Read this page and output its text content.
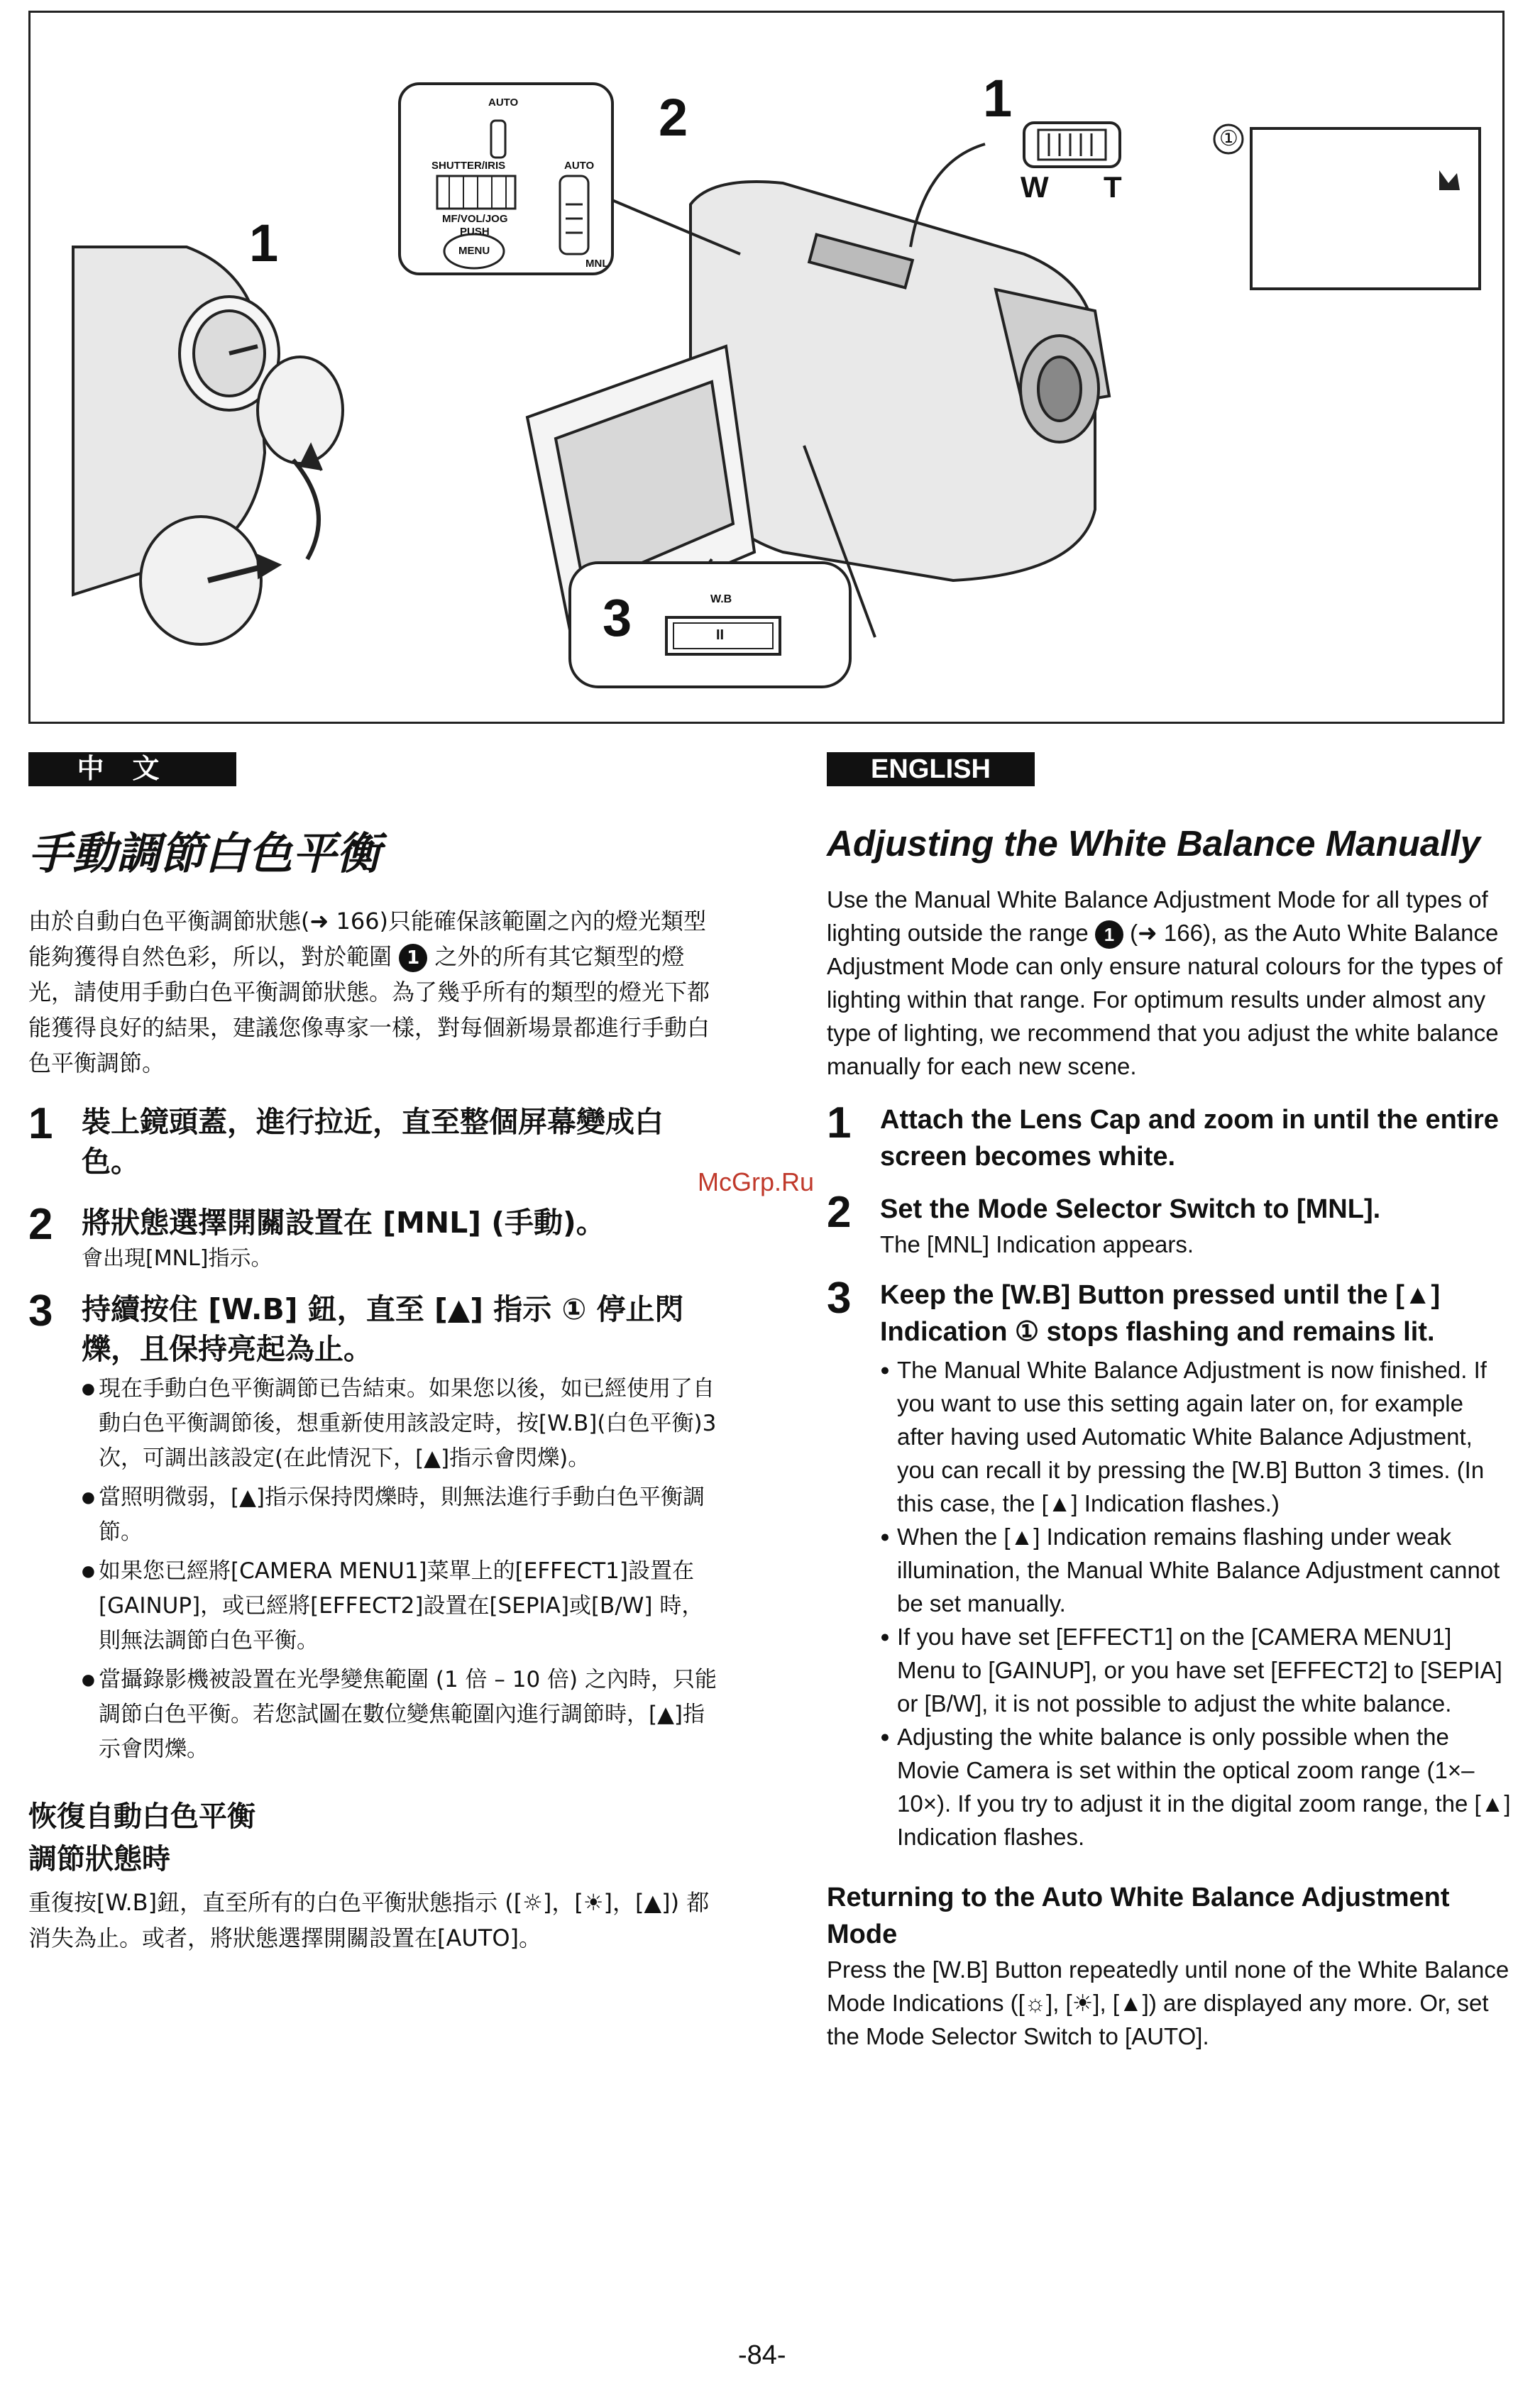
1
2	1
3
AUTO
SHUTTER/IRIS	AUTO
MF/VOL/JOG
PUSH
MENU
MNL
W T
①
W.B
II
中文
手動調節白色平衡
由於自動白色平衡調節狀態(➜ 166)只能確保該範圍之內的燈光類型能夠獲得自然色彩，所以，對於範圍 1 之外的所有其它類型的燈光，請使用手動白色平衡調節狀態。為了幾乎所有的類型的燈光下都能獲得良好的結果，建議您像專家一樣，對每個新場景都進行手動白色平衡調節。
1 裝上鏡頭蓋，進行拉近，直至整個屏幕變成白色。
2 將狀態選擇開關設置在 [MNL] (手動)。
會出現[MNL]指示。
3 持續按住 [W.B] 鈕，直至 [▲] 指示 ① 停止閃爍，且保持亮起為止。
● 現在手動白色平衡調節已告結束。如果您以後，如已經使用了自動白色平衡調節後，想重新使用該設定時，按[W.B](白色平衡)3次，可調出該設定(在此情況下，[▲]指示會閃爍)。
● 當照明微弱，[▲]指示保持閃爍時，則無法進行手動白色平衡調節。
● 如果您已經將[CAMERA MENU1]菜單上的[EFFECT1]設置在[GAINUP]，或已經將[EFFECT2]設置在[SEPIA]或[B/W] 時，則無法調節白色平衡。
● 當攝錄影機被設置在光學變焦範圍 (1 倍 – 10 倍) 之內時，只能調節白色平衡。若您試圖在數位變焦範圍內進行調節時，[▲]指示會閃爍。
恢復自動白色平衡
調節狀態時
重復按[W.B]鈕，直至所有的白色平衡狀態指示 ([☼]，[☀]，[▲]) 都消失為止。或者，將狀態選擇開關設置在[AUTO]。
ENGLISH
Adjusting the White Balance Manually
Use the Manual White Balance Adjustment Mode for all types of lighting outside the range 1 (➜ 166), as the Auto White Balance Adjustment Mode can only ensure natural colours for the types of lighting within that range. For optimum results under almost any type of lighting, we recommend that you adjust the white balance manually for each new scene.
1 Attach the Lens Cap and zoom in until the entire screen becomes white.
2 Set the Mode Selector Switch to [MNL].
The [MNL] Indication appears.
3 Keep the [W.B] Button pressed until the [▲] Indication ① stops flashing and remains lit.
● The Manual White Balance Adjustment is now finished. If you want to use this setting again later on, for example after having used Automatic White Balance Adjustment, you can recall it by pressing the [W.B] Button 3 times. (In this case, the [▲] Indication flashes.)
● When the [▲] Indication remains flashing under weak illumination, the Manual White Balance Adjustment cannot be set manually.
● If you have set [EFFECT1] on the [CAMERA MENU1] Menu to [GAINUP], or you have set [EFFECT2] to [SEPIA] or [B/W], it is not possible to adjust the white balance.
● Adjusting the white balance is only possible when the Movie Camera is set within the optical zoom range (1×–10×). If you try to adjust it in the digital zoom range, the [▲] Indication flashes.
Returning to the Auto White Balance Adjustment Mode
Press the [W.B] Button repeatedly until none of the White Balance Mode Indications ([☼], [☀], [▲]) are displayed any more. Or, set the Mode Selector Switch to [AUTO].
McGrp.Ru
-84-
